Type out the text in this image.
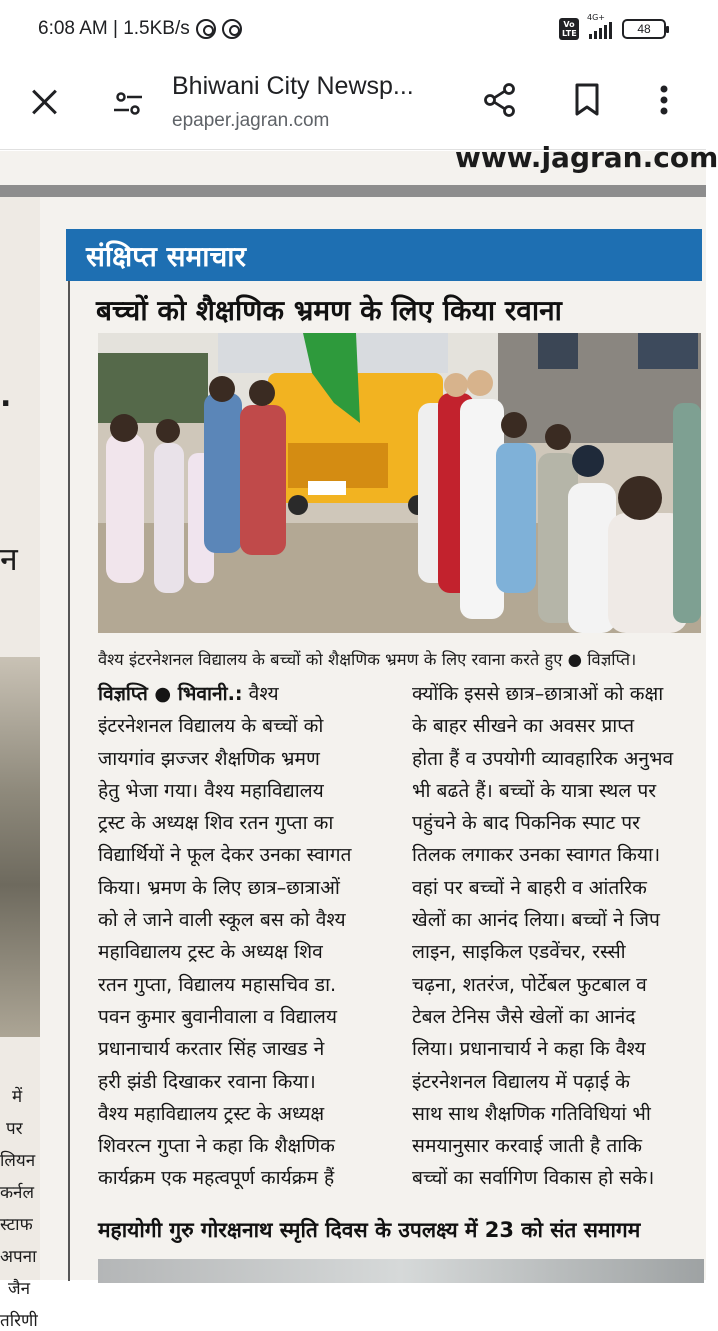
6:08 AM | 1.5KB/s	Vo LTE
4G+
48
Bhiwani City Newsp...
epaper.jagran.com
www.jagran.com
.
न
में
पर
लियन
कर्नल
स्टाफ
अपना
जैन
तरिणी
संक्षिप्त समाचार
बच्चों को शैक्षणिक भ्रमण के लिए किया रवाना
वैश्य इंटरनेशनल विद्यालय के बच्चों को शैक्षणिक भ्रमण के लिए रवाना करते हुए ● विज्ञप्ति।
विज्ञप्ति ● भिवानी.: वैश्य
इंटरनेशनल विद्यालय के बच्चों को
जायगांव झज्जर शैक्षणिक भ्रमण
हेतु भेजा गया। वैश्य महाविद्यालय
ट्रस्ट के अध्यक्ष शिव रतन गुप्ता का
विद्यार्थियों ने फूल देकर उनका स्वागत
किया। भ्रमण के लिए छात्र–छात्राओं
को ले जाने वाली स्कूल बस को वैश्य
महाविद्यालय ट्रस्ट के अध्यक्ष शिव
रतन गुप्ता, विद्यालय महासचिव डा.
पवन कुमार बुवानीवाला व विद्यालय
प्रधानाचार्य करतार सिंह जाखड ने
हरी झंडी दिखाकर रवाना किया।
वैश्य महाविद्यालय ट्रस्ट के अध्यक्ष
शिवरत्न गुप्ता ने कहा कि शैक्षणिक
कार्यक्रम एक महत्वपूर्ण कार्यक्रम हैं
क्योंकि इससे छात्र–छात्राओं को कक्षा
के बाहर सीखने का अवसर प्राप्त
होता हैं व उपयोगी व्यावहारिक अनुभव
भी बढते हैं। बच्चों के यात्रा स्थल पर
पहुंचने के बाद पिकनिक स्पाट पर
तिलक लगाकर उनका स्वागत किया।
वहां पर बच्चों ने बाहरी व आंतरिक
खेलों का आनंद लिया। बच्चों ने जिप
लाइन, साइकिल एडवेंचर, रस्सी
चढ़ना, शतरंज, पोर्टेबल फुटबाल व
टेबल टेनिस जैसे खेलों का आनंद
लिया। प्रधानाचार्य ने कहा कि वैश्य
इंटरनेशनल विद्यालय में पढ़ाई के
साथ साथ शैक्षणिक गतिविधियां भी
समयानुसार करवाई जाती है ताकि
बच्चों का सर्वागिण विकास हो सके।
महायोगी गुरु गोरक्षनाथ स्मृति दिवस के उपलक्ष्य में 23 को संत समागम
